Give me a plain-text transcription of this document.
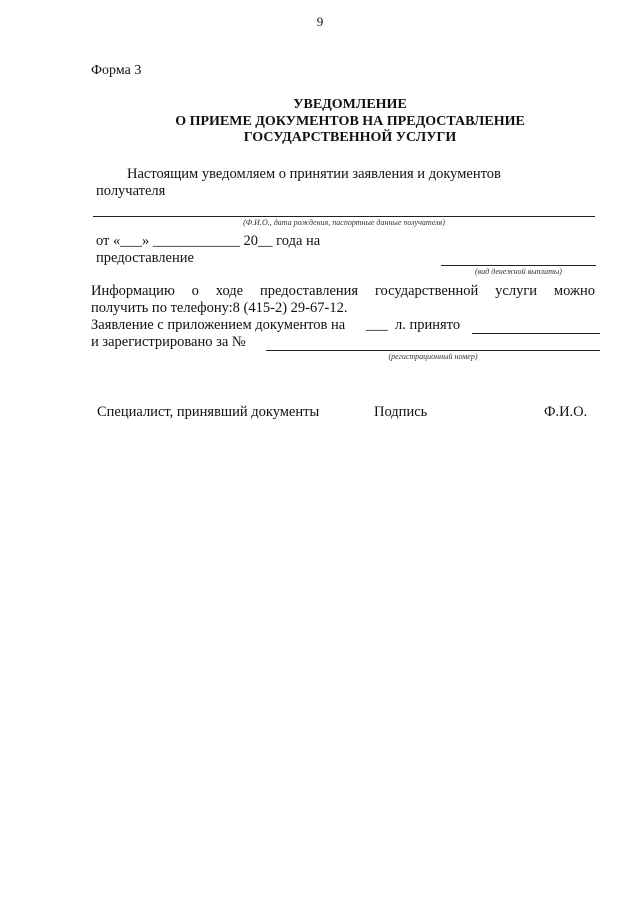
9
Форма 3
УВЕДОМЛЕНИЕ
О ПРИЕМЕ ДОКУМЕНТОВ НА ПРЕДОСТАВЛЕНИЕ
ГОСУДАРСТВЕННОЙ УСЛУГИ
Настоящим уведомляем о принятии заявления и документов
получателя
(Ф.И.О., дата рождения, паспортные данные получателя)
от «___» ____________ 20__ года на
предоставление
(вид денежной выплаты)
Информацию о ходе предоставления государственной услуги можно
получить по телефону:8 (415-2) 29-67-12.
Заявление с приложением документов на ___ л. принято
и зарегистрировано за №
(регистрационный номер)
Специалист, принявший документы	Подпись	Ф.И.О.
